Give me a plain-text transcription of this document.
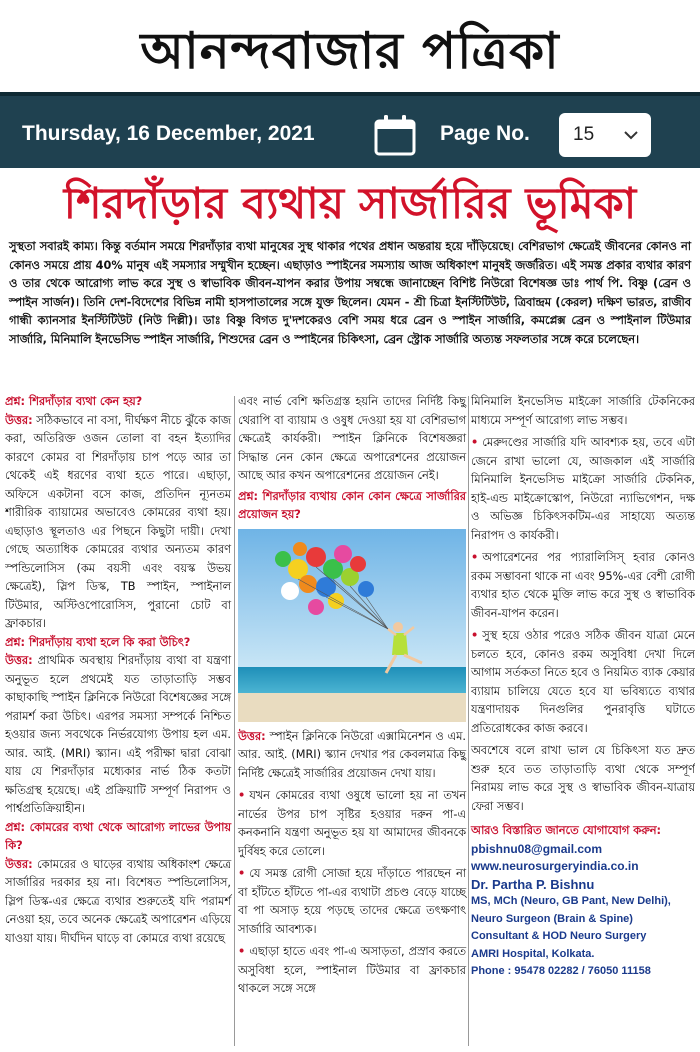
আনন্দবাজার পত্রিকা
Thursday, 16 December, 2021	Page No. 15
শিরদাঁড়ার ব্যথায় সার্জারির ভূমিকা

সুস্থতা সবারই কাম্য। কিন্তু বর্তমান সময়ে শিরদাঁড়ার ব্যথা মানুষের সুস্থ থাকার পথের প্রধান অন্তরায় হয়ে দাঁড়িয়েছে। বেশিরভাগ ক্ষেত্রেই জীবনের কোনও না কোনও সময়ে প্রায় 40% মানুষ এই সমস্যার সম্মুখীন হচ্ছেন। এছাড়াও স্পাইনের সমস্যায় আজ অধিকাংশ মানুষই জর্জরিত। এই সমস্ত প্রকার ব্যথার কারণ ও তার থেকে আরোগ্য লাভ করে সুস্থ ও স্বাভাবিক জীবন-যাপন করার উপায় সম্বন্ধে জানাচ্ছেন বিশিষ্ট নিউরো বিশেষজ্ঞ ডাঃ পার্থ পি. বিষ্ণু (ব্রেন ও স্পাইন সার্জন)। তিনি দেশ-বিদেশের বিভিন্ন নামী হাসপাতালের সঙ্গে যুক্ত ছিলেন। যেমন - শ্রী চিত্রা ইনস্টিটিউট, ত্রিবান্দ্রম (কেরল) দক্ষিণ ভারত, রাজীব গান্ধী ক্যানসার ইনস্টিটিউট (নিউ দিল্লী)। ডাঃ বিষ্ণু বিগত দু'দশকেরও বেশি সময় ধরে ব্রেন ও স্পাইন সার্জারি, কমপ্লেক্স ব্রেন ও স্পাইনাল টিউমার সার্জারি, মিনিমালি ইনভেসিভ স্পাইন সার্জারি, শিশুদের ব্রেন ও স্পাইনের চিকিৎসা, ব্রেন স্ট্রোক সার্জারি অত্যন্ত সফলতার সঙ্গে করে চলেছেন।

প্রশ্ন: শিরদাঁড়ার ব্যথা কেন হয়?

উত্তর: সঠিকভাবে না বসা, দীর্ঘক্ষণ নীচে ঝুঁকে কাজ করা, অতিরিক্ত ওজন তোলা বা বহন ইত্যাদির কারণে কোমর বা শিরদাঁড়ায় চাপ পড়ে আর তা থেকেই এই ধরণের ব্যথা হতে পারে। এছাড়া, অফিসে একটানা বসে কাজ, প্রতিদিন ন্যূনতম শারীরিক ব্যায়ামের অভাবেও কোমরের ব্যথা হয়। এছাড়াও স্থূলতাও এর পিছনে কিছুটা দায়ী। দেখা গেছে অত্যাধিক কোমরের ব্যথার অন্যতম কারণ স্পন্ডিলোসিস (কম বয়সী এবং বয়স্ক উভয় ক্ষেত্রেই), স্লিপ ডিস্ক, TB স্পাইন, স্পাইনাল টিউমার, অস্টিওপোরোসিস, পুরানো চোট বা ফ্রাকচার।

প্রশ্ন: শিরদাঁড়ায় ব্যথা হলে কি করা উচিৎ?

উত্তর: প্রাথমিক অবস্থায় শিরদাঁড়ায় ব্যথা বা যন্ত্রণা অনুভূত হলে প্রথমেই যত তাড়াতাড়ি সম্ভব কাছাকাছি স্পাইন ক্লিনিকে নিউরো বিশেষজ্ঞের সঙ্গে পরামর্শ করা উচিৎ। এরপর সমস্যা সম্পর্কে নিশ্চিত হওয়ার জন্য সবথেকে নির্ভরযোগ্য উপায় হল এম. আর. আই. (MRI) স্ক্যান। এই পরীক্ষা দ্বারা বোঝা যায় যে শিরদাঁড়ার মধ্যেকার নার্ভ ঠিক কতটা ক্ষতিগ্রস্থ হয়েছে। এই প্রক্রিয়াটি সম্পূর্ণ নিরাপদ ও পার্শ্বপ্রতিক্রিয়াহীন।

প্রশ্ন: কোমরের ব্যথা থেকে আরোগ্য লাভের উপায় কি?

উত্তর: কোমরের ও ঘাড়ের ব্যথায় অধিকাংশ ক্ষেত্রে সার্জারির দরকার হয় না। বিশেষত স্পন্ডিলোসিস, স্লিপ ডিস্ক-এর ক্ষেত্রে ব্যথার শুরুতেই যদি পরামর্শ নেওয়া হয়, তবে অনেক ক্ষেত্রেই অপারেশন এড়িয়ে যাওয়া যায়। দীর্ঘদিন ঘাড়ে বা কোমরে ব্যথা রয়েছে

এবং নার্ভ বেশি ক্ষতিগ্রস্ত হয়নি তাদের নির্দিষ্ট কিছু থেরাপি বা ব্যায়াম ও ওষুধ দেওয়া হয় যা বেশিরভাগ ক্ষেত্রেই কার্যকরী। স্পাইন ক্লিনিকে বিশেষজ্ঞরা সিদ্ধান্ত নেন কোন ক্ষেত্রে অপারেশনের প্রয়োজন আছে আর কখন অপারেশনের প্রয়োজন নেই।

প্রশ্ন: শিরদাঁড়ার ব্যথায় কোন কোন ক্ষেত্রে সার্জারির প্রয়োজন হয়?

উত্তর: স্পাইন ক্লিনিকে নিউরো এক্সামিনেশন ও এম. আর. আই. (MRI) স্ক্যান দেখার পর কেবলমাত্র কিছু নির্দিষ্ট ক্ষেত্রেই সার্জারির প্রয়োজন দেখা যায়।

• যখন কোমরের ব্যথা ওষুধে ভালো হয় না তখন নার্ভের উপর চাপ সৃষ্টির হওয়ার দরুন পা-এ কনকনানি যন্ত্রণা অনুভূত হয় যা আমাদের জীবনকে দুর্বিষহ করে তোলে।

• যে সমস্ত রোগী সোজা হয়ে দাঁড়াতে পারছেন না বা হাঁটতে হাঁটতে পা-এর ব্যথাটা প্রচণ্ড বেড়ে যাচ্ছে বা পা অসাড় হয়ে পড়ছে তাদের ক্ষেত্রে তৎক্ষণাৎ সার্জারি আবশ্যক।

• এছাড়া হাতে এবং পা-এ অসাড়তা, প্রস্রাব করতে অসুবিধা হলে, স্পাইনাল টিউমার বা ফ্রাকচার থাকলে সঙ্গে সঙ্গে

মিনিমালি ইনভেসিভ মাইক্রো সার্জারি টেকনিকের মাধ্যমে সম্পূর্ণ আরোগ্য লাভ সম্ভব।

• মেরুদণ্ডের সার্জারি যদি আবশ্যক হয়, তবে এটা জেনে রাখা ভালো যে, আজকাল এই সার্জারি মিনিমালি ইনভেসিভ মাইক্রো সার্জারি টেকনিক, হাই-এন্ড মাইক্রোস্কোপ, নিউরো ন্যাভিগেশন, দক্ষ ও অভিজ্ঞ চিকিৎসকটিম-এর সাহায্যে অত্যন্ত নিরাপদ ও কার্যকরী।

• অপারেশনের পর প্যারালিসিস্ হবার কোনও রকম সম্ভাবনা থাকে না এবং 95%-এর বেশী রোগী ব্যথার হাত থেকে মুক্তি লাভ করে সুস্থ ও স্বাভাবিক জীবন-যাপন করেন।

• সুস্থ হয়ে ওঠার পরেও সঠিক জীবন যাত্রা মেনে চলতে হবে, কোনও রকম অসুবিধা দেখা দিলে আগাম সর্তকতা নিতে হবে ও নিয়মিত ব্যাক কেয়ার ব্যায়াম চালিয়ে যেতে হবে যা ভবিষ্যতে ব্যথার যন্ত্রণাদায়ক দিনগুলির পুনরাবৃত্তি ঘটাতে প্রতিরোধকের কাজ করবে।

অবশেষে বলে রাখা ভাল যে চিকিৎসা যত দ্রুত শুরু হবে তত তাড়াতাড়ি ব্যথা থেকে সম্পূর্ণ নিরাময় লাভ করে সুস্থ ও স্বাভাবিক জীবন-যাত্রায় ফেরা সম্ভব।

আরও বিস্তারিত জানতে যোগাযোগ করুন:

pbishnu08@gmail.com

www.neurosurgeryindia.co.in

Dr. Partha P. Bishnu

MS, MCh (Neuro, GB Pant, New Delhi),

Neuro Surgeon (Brain & Spine)

Consultant & HOD Neuro Surgery

AMRI Hospital, Kolkata.

Phone : 95478 02282 / 76050 11158
